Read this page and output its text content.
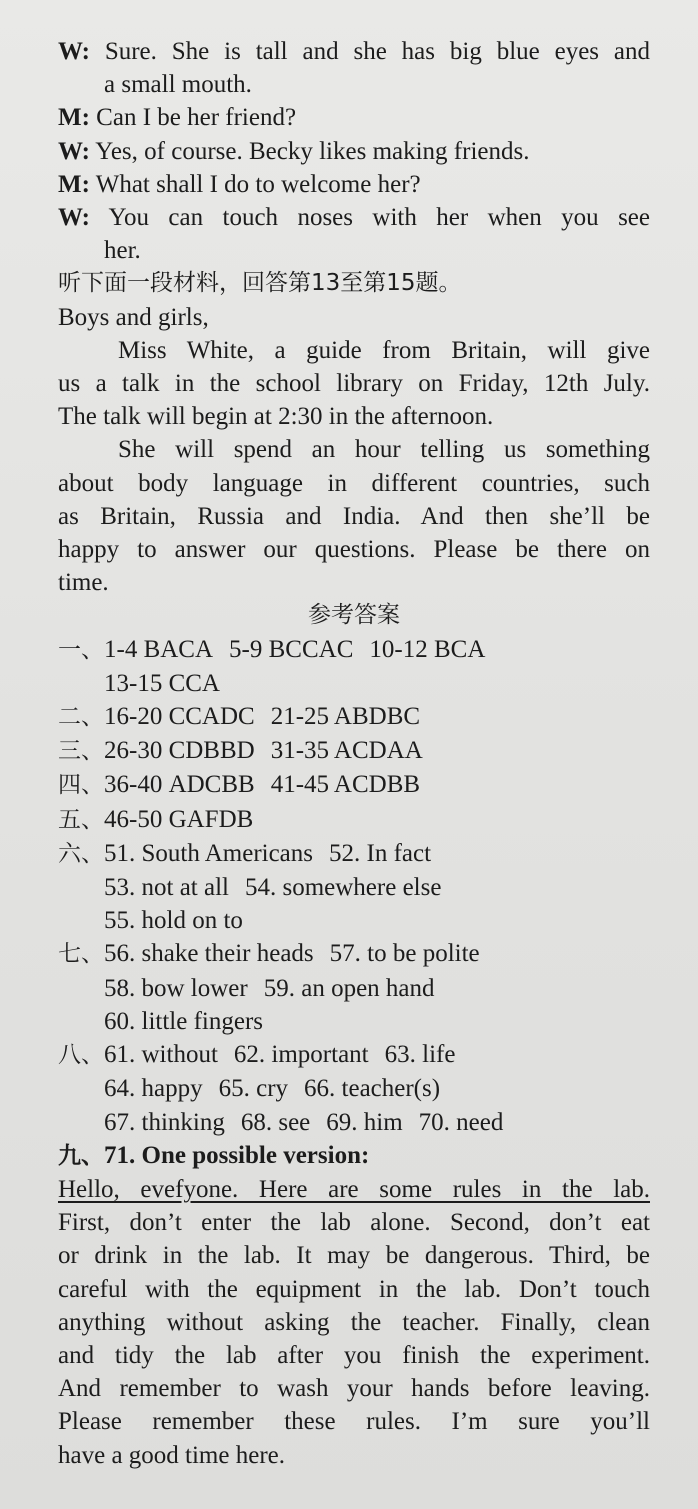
W: Sure. She is tall and she has big blue eyes and
a small mouth.
M: Can I be her friend?
W: Yes, of course. Becky likes making friends.
M: What shall I do to welcome her?
W: You can touch noses with her when you see
her.
听下面一段材料，回答第13至第15题。
Boys and girls,
Miss White, a guide from Britain, will give
us a talk in the school library on Friday, 12th July.
The talk will begin at 2:30 in the afternoon.
She will spend an hour telling us something
about body language in different countries, such
as Britain, Russia and India. And then she’ll be
happy to answer our questions. Please be there on
time.
参考答案
一、1-4 BACA 5-9 BCCAC 10-12 BCA
13-15 CCA
二、16-20 CCADC 21-25 ABDBC
三、26-30 CDBBD 31-35 ACDAA
四、36-40 ADCBB 41-45 ACDBB
五、46-50 GAFDB
六、51. South Americans 52. In fact
53. not at all 54. somewhere else
55. hold on to
七、56. shake their heads 57. to be polite
58. bow lower 59. an open hand
60. little fingers
八、61. without 62. important 63. life
64. happy 65. cry 66. teacher(s)
67. thinking 68. see 69. him 70. need
九、71. One possible version:
Hello, evefyone. Here are some rules in the lab.
First, don’t enter the lab alone. Second, don’t eat
or drink in the lab. It may be dangerous. Third, be
careful with the equipment in the lab. Don’t touch
anything without asking the teacher. Finally, clean
and tidy the lab after you finish the experiment.
And remember to wash your hands before leaving.
Please remember these rules. I’m sure you’ll
have a good time here.
